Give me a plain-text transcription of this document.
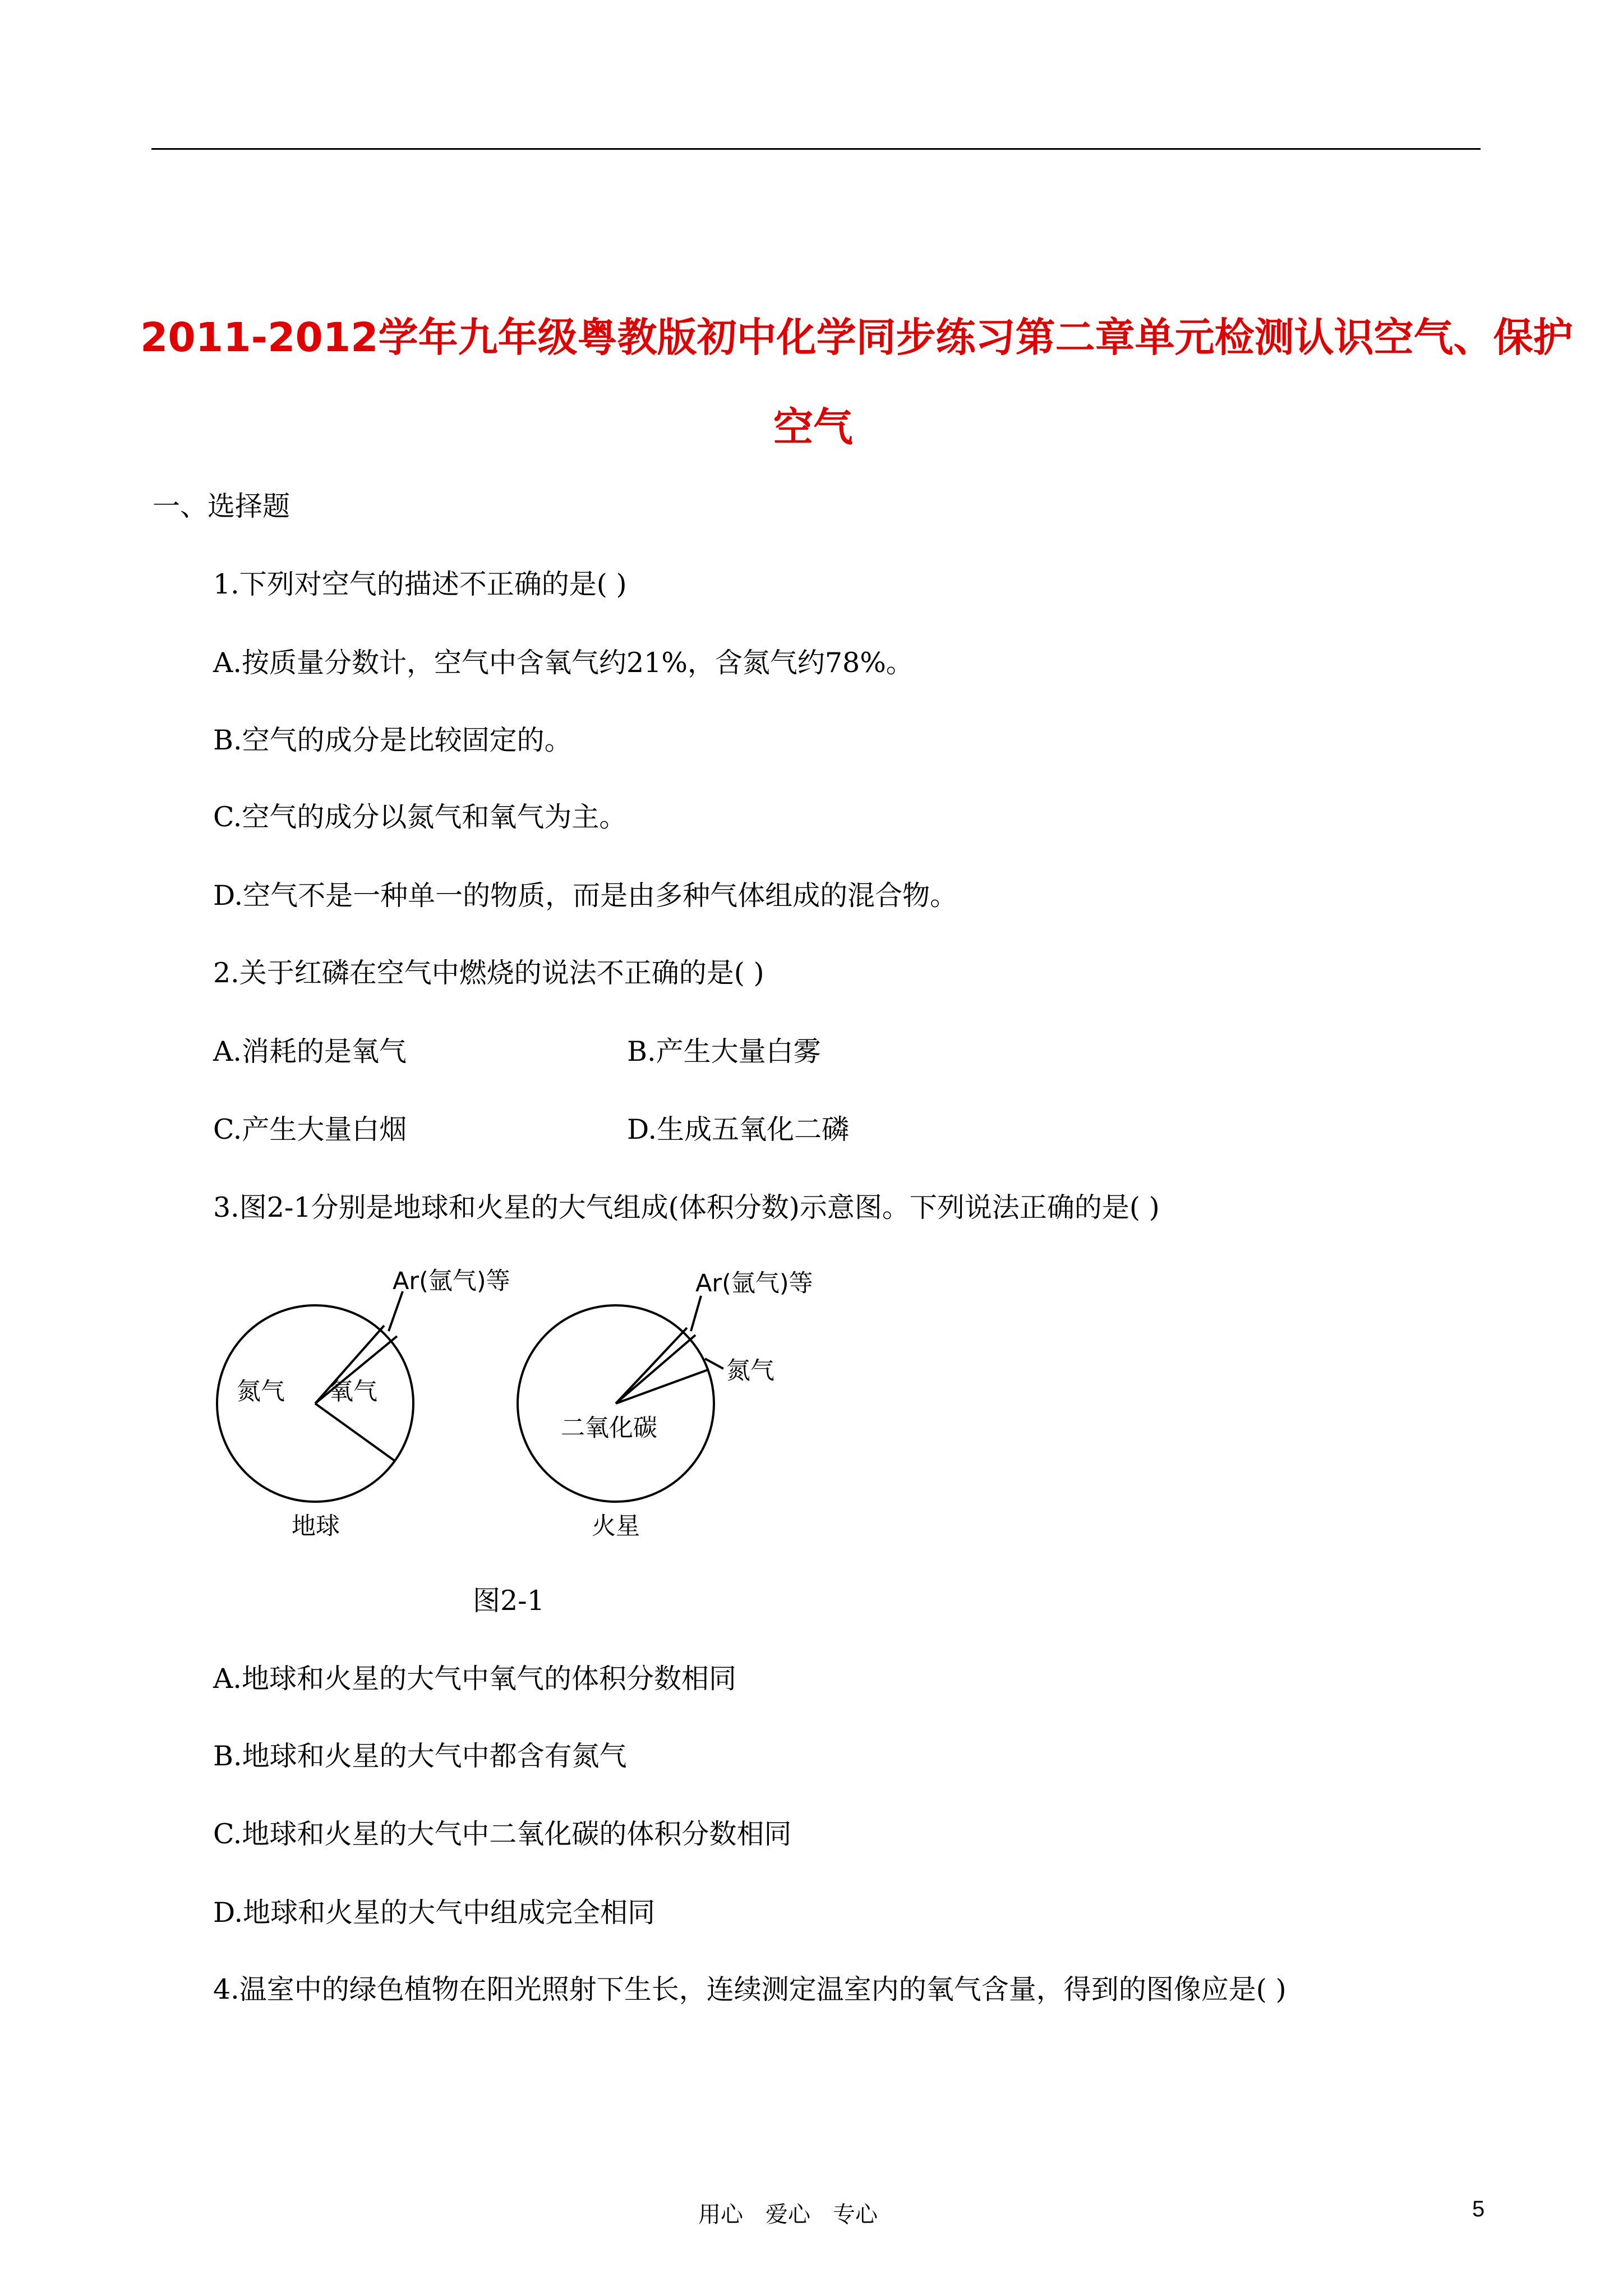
2011-2012学年九年级粤教版初中化学同步练习第二章单元检测认识空气、保护
空气
一、选择题
1.下列对空气的描述不正确的是( )
A.按质量分数计，空气中含氧气约21%，含氮气约78%。
B.空气的成分是比较固定的。
C.空气的成分以氮气和氧气为主。
D.空气不是一种单一的物质，而是由多种气体组成的混合物。
2.关于红磷在空气中燃烧的说法不正确的是( )
A.消耗的是氧气	B.产生大量白雾
C.产生大量白烟	D.生成五氧化二磷
3.图2-1分别是地球和火星的大气组成(体积分数)示意图。下列说法正确的是( )
Ar(氩气)等
氮气 氧气
地球
Ar(氩气)等
氮气
二氧化碳
火星
图2-1
A.地球和火星的大气中氧气的体积分数相同
B.地球和火星的大气中都含有氮气
C.地球和火星的大气中二氧化碳的体积分数相同
D.地球和火星的大气中组成完全相同
4.温室中的绿色植物在阳光照射下生长，连续测定温室内的氧气含量，得到的图像应是( )
用心　爱心　专心	5
